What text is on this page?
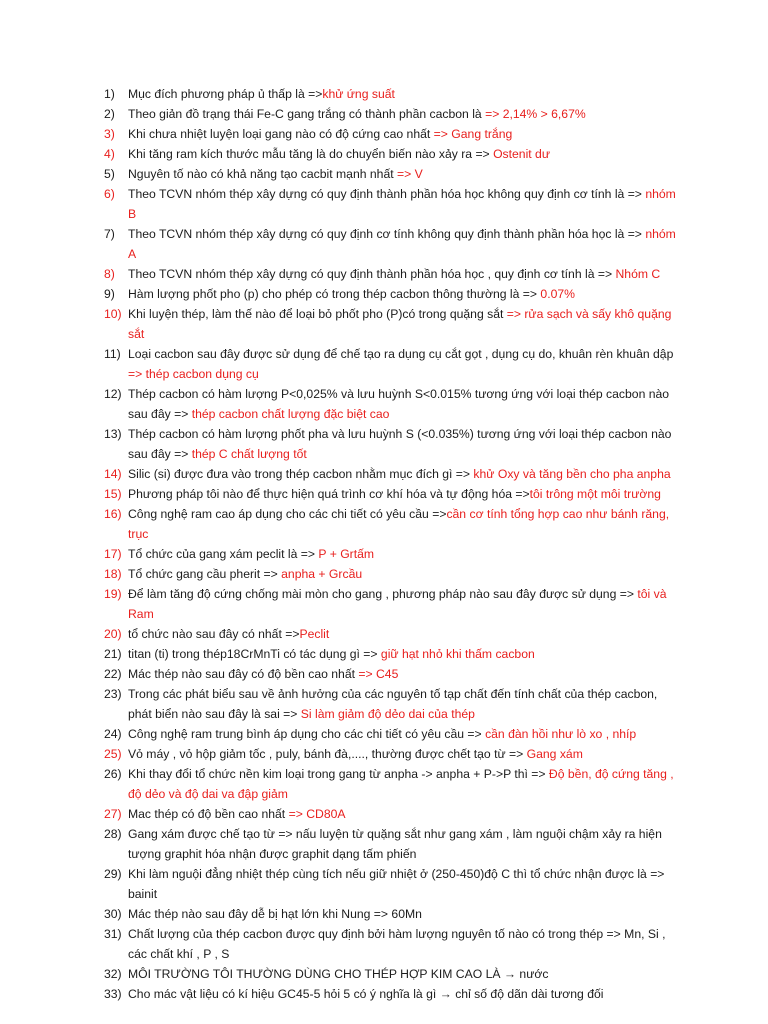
1)	Mục đích phương pháp ủ thấp là =>khử ứng suất
2)	Theo giản đồ trạng thái Fe-C gang trắng có thành phần cacbon là => 2,14% > 6,67%
3)	Khi chưa nhiệt luyện loại gang nào có độ cứng cao nhất => Gang trắng
4)	Khi tăng ram kích thước mẫu tăng là do chuyển biến nào xảy ra => Ostenit dư
5)	Nguyên tố nào có khả năng tạo cacbit mạnh nhất => V
6)	Theo TCVN nhóm thép xây dựng có quy định thành phần hóa học không quy định cơ tính là => nhóm B
7)	Theo TCVN nhóm thép xây dựng có quy định cơ tính không quy định thành phần hóa học là => nhóm A
8)	Theo TCVN nhóm thép xây dựng có quy định thành phần hóa học , quy định cơ tính là => Nhóm C
9)	Hàm lượng phốt pho (p) cho phép có trong thép cacbon thông thường là => 0.07%
10) Khi luyện thép, làm thế nào để loại bỏ phốt pho (P)có trong quặng sắt => rửa sạch và sấy khô quặng sắt
11) Loại cacbon sau đây được sử dụng để chế tạo ra dụng cụ cắt gọt , dụng cụ do, khuân rèn khuân dập => thép cacbon dụng cụ
12) Thép cacbon có hàm lượng P<0,025% và lưu huỳnh S<0.015% tương ứng với loại thép cacbon nào sau đây => thép cacbon chất lượng đặc biệt cao
13) Thép cacbon có hàm lượng phốt pha và lưu huỳnh S (<0.035%) tương ứng với loại thép cacbon nào sau đây => thép C chất lượng tốt
14) Silic (si) được đưa vào trong thép cacbon nhằm mục đích gì => khử Oxy và tăng bền cho pha anpha
15) Phương pháp tôi nào để thực hiện quá trình cơ khí hóa và tự động hóa =>tôi trông một môi trường
16) Công nghệ ram cao áp dụng cho các chi tiết có yêu cầu =>cần cơ tính tổng hợp cao như bánh răng, trục
17) Tổ chức của gang xám peclit là => P + Grtấm
18) Tổ chức gang cầu pherit => anpha + Grcầu
19) Để làm tăng độ cứng chống mài mòn cho gang , phương pháp nào sau đây được sử dụng => tôi và Ram
20) tổ chức nào sau đây có nhất =>Peclit
21) titan (ti) trong thép18CrMnTi có tác dụng gì => giữ hạt nhỏ khi thấm cacbon
22) Mác thép nào sau đây có độ bền cao nhất => C45
23) Trong các phát biểu sau về ảnh hưởng của các nguyên tố tạp chất đến tính chất của thép cacbon, phát biển nào sau đây là sai => Si làm giảm độ dẻo dai của thép
24) Công nghệ ram trung bình áp dụng cho các chi tiết có yêu cầu => cần đàn hồi như lò xo , nhíp
25) Vỏ máy , vỏ hộp giảm tốc , puly, bánh đà,...., thường được chết tạo từ => Gang xám
26) Khi thay đổi tổ chức nền kim loại trong gang từ anpha -> anpha + P->P thì => Độ bền, độ cứng tăng , độ dẻo và độ dai va đập giảm
27) Mac thép có độ bền cao nhất => CD80A
28) Gang xám được chế tạo từ => nấu luyện từ quặng sắt như gang xám , làm nguội chậm xảy ra hiện tượng graphit hóa nhận được graphit dạng tấm phiến
29) Khi làm nguội đẳng nhiệt thép cùng tích nếu giữ nhiệt ở (250-450)độ C thì tổ chức nhận được là => bainit
30) Mác thép nào sau đây dễ bị hạt lớn khi Nung => 60Mn
31) Chất lượng của thép cacbon được quy định bởi hàm lượng nguyên tố nào có trong thép => Mn, Si , các chất khí , P , S
32) MÔI TRƯỜNG TÔI THƯỜNG DÙNG CHO THÉP HỢP KIM CAO LÀ → nước
33) Cho mác vật liệu có kí hiệu GC45-5 hỏi 5 có ý nghĩa là gì → chỉ số độ dãn dài tương đối
